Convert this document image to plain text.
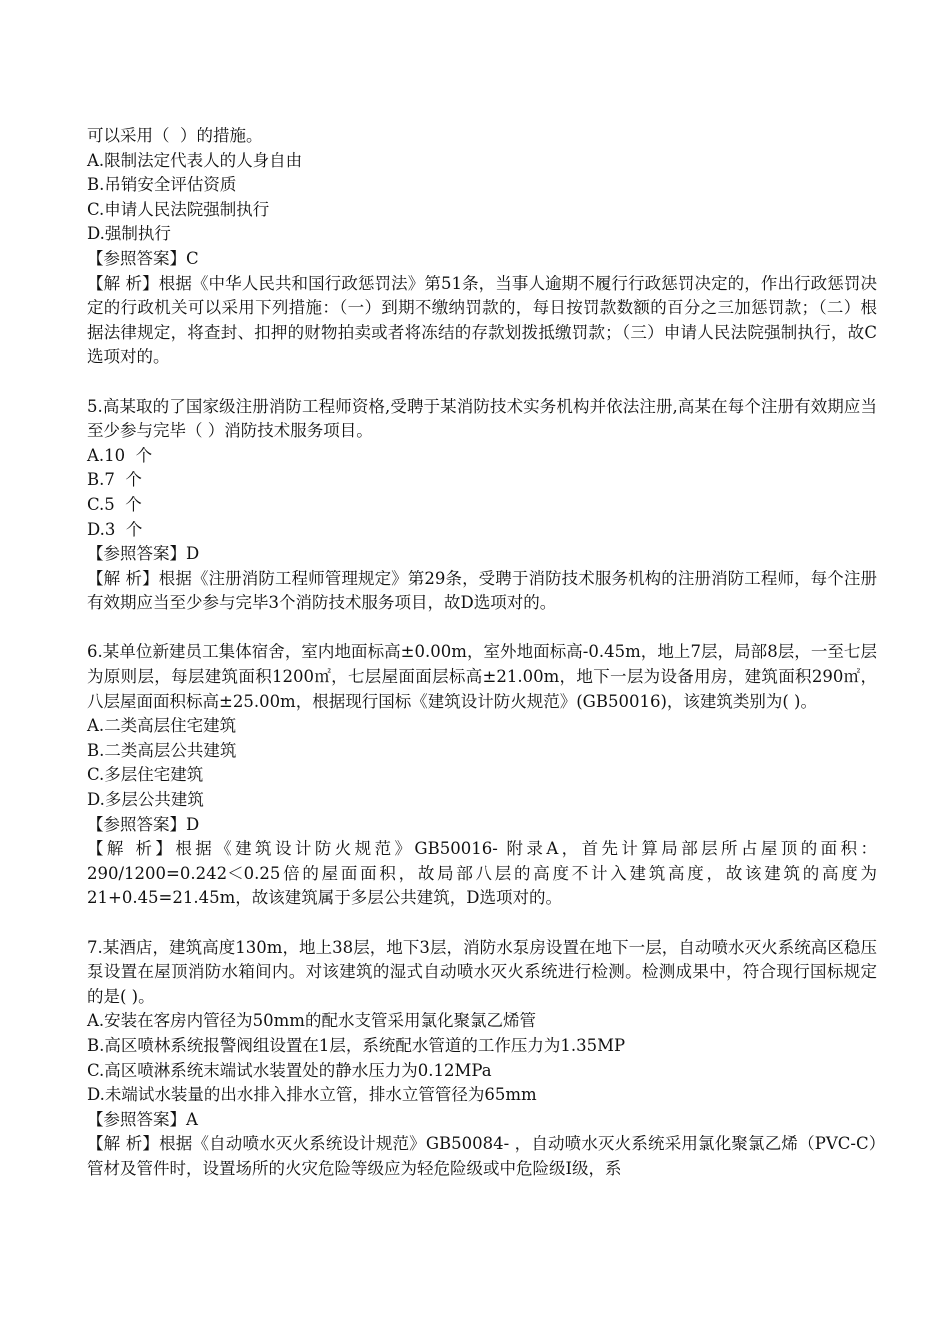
可以采用（  ）的措施。
A.限制法定代表人的人身自由
B.吊销安全评估资质
C.申请人民法院强制执行
D.强制执行
【参照答案】C
【解 析】根据《中华人民共和国行政惩罚法》第51条，当事人逾期不履行行政惩罚决定的，作出行政惩罚决定的行政机关可以采用下列措施：（一）到期不缴纳罚款的，每日按罚款数额的百分之三加惩罚款；（二）根据法律规定，将查封、扣押的财物拍卖或者将冻结的存款划拨抵缴罚款；（三）申请人民法院强制执行，故C选项对的。
5.高某取的了国家级注册消防工程师资格,受聘于某消防技术实务机构并依法注册,高某在每个注册有效期应当至少参与完毕（ ）消防技术服务项目。
A.10  个
B.7  个
C.5  个
D.3  个
【参照答案】D
【解 析】根据《注册消防工程师管理规定》第29条，受聘于消防技术服务机构的注册消防工程师，每个注册有效期应当至少参与完毕3个消防技术服务项目，故D选项对的。
6.某单位新建员工集体宿舍，室内地面标高±0.00m，室外地面标高-0.45m，地上7层，局部8层，一至七层为原则层，每层建筑面积1200㎡，七层屋面面层标高±21.00m，地下一层为设备用房，建筑面积290㎡，八层屋面面积标高±25.00m，根据现行国标《建筑设计防火规范》(GB50016)，该建筑类别为( )。
A.二类高层住宅建筑
B.二类高层公共建筑
C.多层住宅建筑
D.多层公共建筑
【参照答案】D
【解 析】根据《建筑设计防火规范》GB50016- 附录A，首先计算局部层所占屋顶的面积：290/1200=0.242＜0.25倍的屋面面积，故局部八层的高度不计入建筑高度，故该建筑的高度为21+0.45=21.45m，故该建筑属于多层公共建筑，D选项对的。
7.某酒店，建筑高度130m，地上38层，地下3层，消防水泵房设置在地下一层，自动喷水灭火系统高区稳压泵设置在屋顶消防水箱间内。对该建筑的湿式自动喷水灭火系统进行检测。检测成果中，符合现行国标规定的是( )。
A.安装在客房内管径为50mm的配水支管采用氯化聚氯乙烯管
B.高区喷林系统报警阀组设置在1层，系统配水管道的工作压力为1.35MP
C.高区喷淋系统末端试水装置处的静水压力为0.12MPa
D.未端试水装量的出水排入排水立管，排水立管管径为65mm
【参照答案】A
【解 析】根据《自动喷水灭火系统设计规范》GB50084- ，自动喷水灭火系统采用氯化聚氯乙烯（PVC-C）管材及管件时，设置场所的火灾危险等级应为轻危险级或中危险级Ⅰ级，系
